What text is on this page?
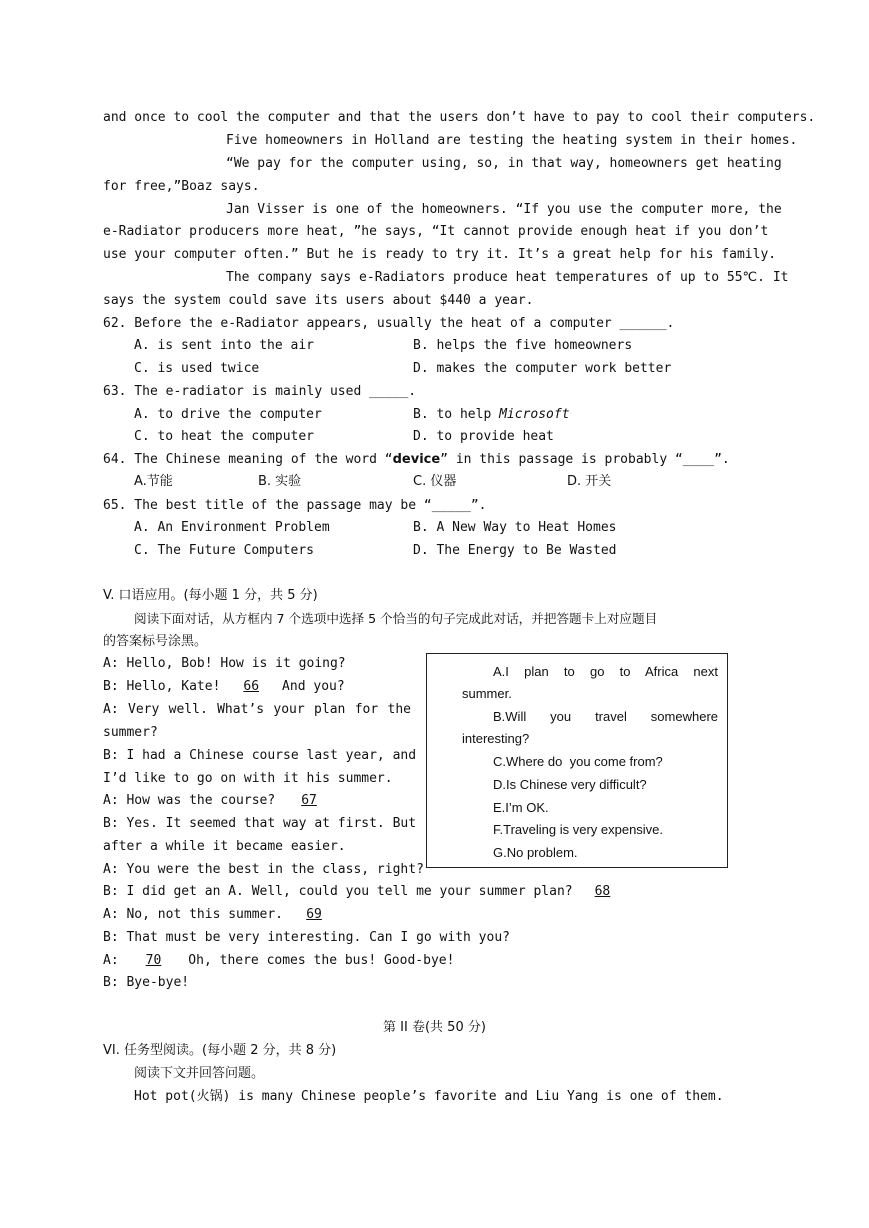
and once to cool the computer and that the users don’t have to pay to cool their computers.
Five homeowners in Holland are testing the heating system in their homes.
“We pay for the computer using, so, in that way, homeowners get heating
for free,”Boaz says.
Jan Visser is one of the homeowners. “If you use the computer more, the
e-Radiator producers more heat, ”he says, “It cannot provide enough heat if you don’t
use your computer often.” But he is ready to try it. It’s a great help for his family.
The company says e-Radiators produce heat temperatures of up to 55℃. It
says the system could save its users about $440 a year.
62. Before the e-Radiator appears, usually the heat of a computer ______.
A. is sent into the air	B. helps the five homeowners
C. is used twice	D. makes the computer work better
63. The e-radiator is mainly used _____.
A. to drive the computer	B. to help Microsoft
C. to heat the computer	D. to provide heat
64. The Chinese meaning of the word “device” in this passage is probably “____”.
A.节能	B. 实验	C. 仪器	D. 开关
65. The best title of the passage may be “_____”.
A. An Environment Problem	B. A New Way to Heat Homes
C. The Future Computers	D. The Energy to Be Wasted
V. 口语应用。(每小题 1 分，共 5 分)
阅读下面对话，从方框内 7 个选项中选择 5 个恰当的句子完成此对话，并把答题卡上对应题目
的答案标号涂黑。
A.I plan to go to Africa next
summer.
B.Will you travel somewhere
interesting?
C.Where do  you come from?
D.Is Chinese very difficult?
E.I’m OK.
F.Traveling is very expensive.
G.No problem.
A: Hello, Bob! How is it going?
B: Hello, Kate! 66 And you?
A: Very well. What’s your plan for the
summer?
B: I had a Chinese course last year, and
I’d like to go on with it his summer.
A: How was the course? 67
B: Yes. It seemed that way at first. But
after a while it became easier.
A: You were the best in the class, right?
B: I did get an A. Well, could you tell me your summer plan? 68
A: No, not this summer. 69
B: That must be very interesting. Can I go with you?
A: 70 Oh, there comes the bus! Good-bye!
B: Bye-bye!
第 II 卷(共 50 分)
VI. 任务型阅读。(每小题 2 分，共 8 分)
阅读下文并回答问题。
Hot pot(火锅) is many Chinese people’s favorite and Liu Yang is one of them.
